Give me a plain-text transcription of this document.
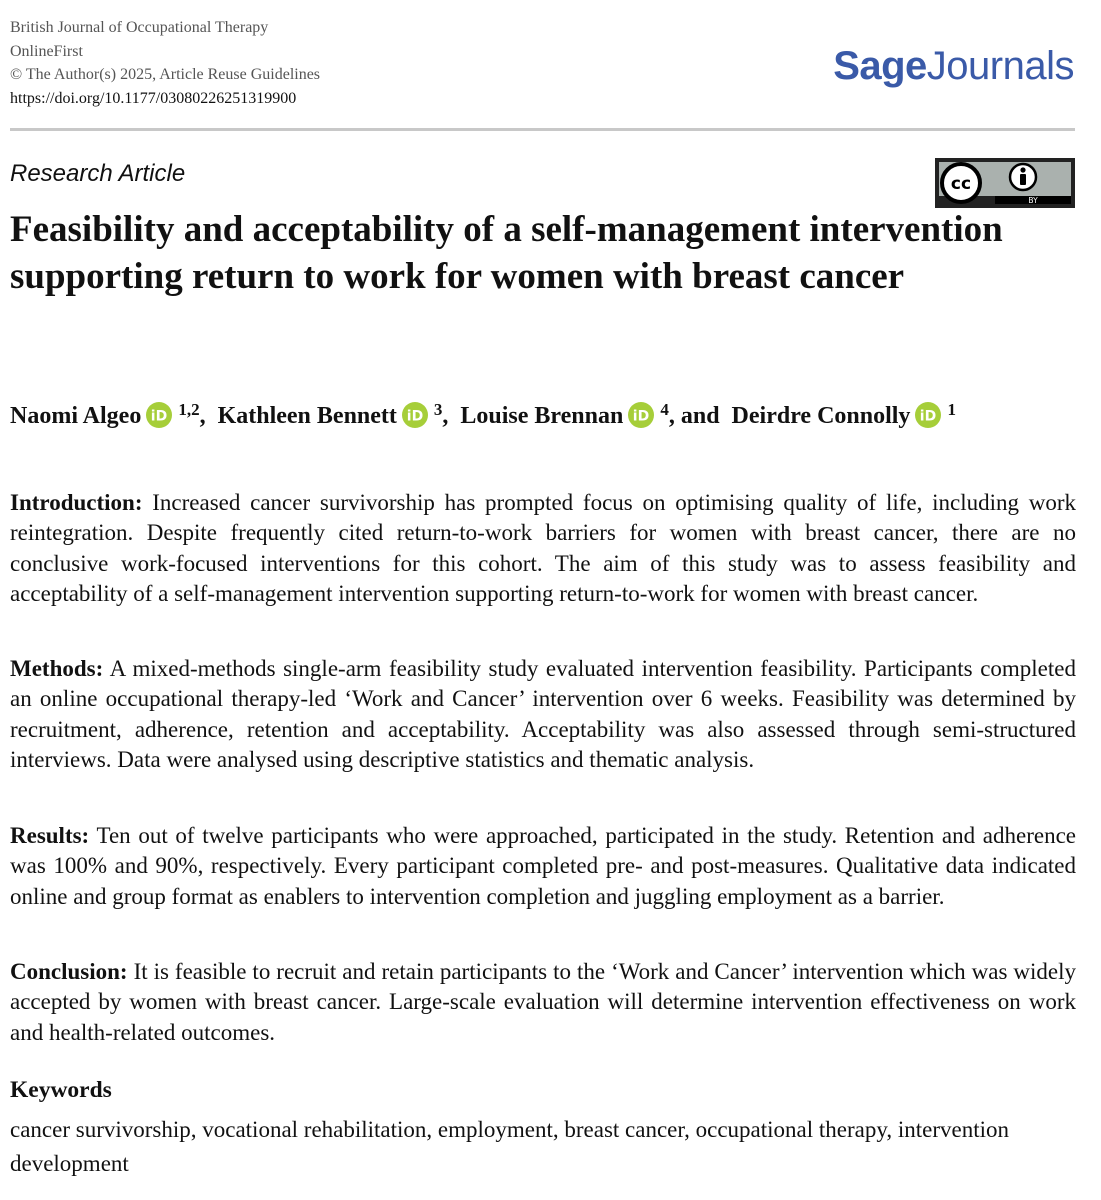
British Journal of Occupational Therapy
OnlineFirst
© The Author(s) 2025, Article Reuse Guidelines
https://doi.org/10.1177/03080226251319900
SageJournals
Research Article	cc
BY
Feasibility and acceptability of a self-management intervention supporting return to work for women with breast cancer
Naomi Algeo iD $^{1,2}$,  Kathleen Bennett iD $^3$,  Louise Brennan iD $^4$, and  Deirdre Connolly iD $^1$

Introduction: Increased cancer survivorship has prompted focus on optimising quality of life, including work reintegration. Despite frequently cited return-to-work barriers for women with breast cancer, there are no conclusive work-focused interventions for this cohort. The aim of this study was to assess feasibility and acceptability of a self-management intervention supporting return-to-work for women with breast cancer.

Methods: A mixed-methods single-arm feasibility study evaluated intervention feasibility. Participants completed an online occupational therapy-led ‘Work and Cancer’ intervention over 6 weeks. Feasibility was determined by recruitment, adherence, retention and acceptability. Acceptability was also assessed through semi-structured interviews. Data were analysed using descriptive statistics and thematic analysis.

Results: Ten out of twelve participants who were approached, participated in the study. Retention and adherence was 100% and 90%, respectively. Every participant completed pre- and post-measures. Qualitative data indicated online and group format as enablers to intervention completion and juggling employment as a barrier.

Conclusion: It is feasible to recruit and retain participants to the ‘Work and Cancer’ intervention which was widely accepted by women with breast cancer. Large-scale evaluation will determine intervention effectiveness on work and health-related outcomes.

Keywords

cancer survivorship, vocational rehabilitation, employment, breast cancer, occupational therapy, intervention development
